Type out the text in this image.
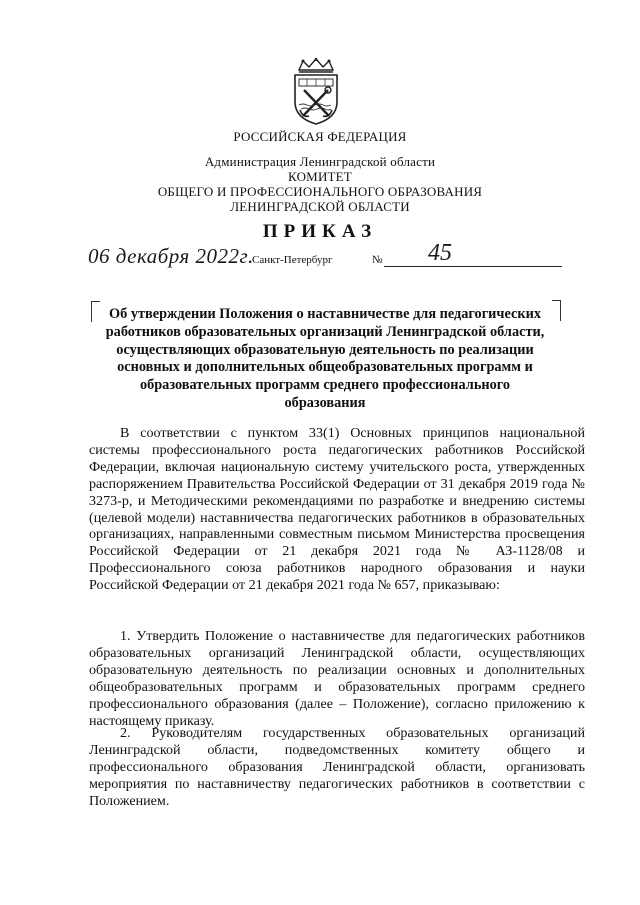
РОССИЙСКАЯ ФЕДЕРАЦИЯ
Администрация Ленинградской области
КОМИТЕТ
ОБЩЕГО И ПРОФЕССИОНАЛЬНОГО ОБРАЗОВАНИЯ
ЛЕНИНГРАДСКОЙ ОБЛАСТИ
ПРИКАЗ
06 декабря 2022г.
Санкт-Петербург	№ 45
Об утверждении Положения о наставничестве для педагогических работников образовательных организаций Ленинградской области, осуществляющих образовательную деятельность по реализации основных и дополнительных общеобразовательных программ и образовательных программ среднего профессионального образования

В соответствии с пунктом 33(1) Основных принципов национальной системы профессионального роста педагогических работников Российской Федерации, включая национальную систему учительского роста, утвержденных распоряжением Правительства Российской Федерации от 31 декабря 2019 года № 3273-р, и Методическими рекомендациями по разработке и внедрению системы (целевой модели) наставничества педагогических работников в образовательных организациях, направленными совместным письмом Министерства просвещения Российской Федерации от 21 декабря 2021 года № АЗ-1128/08 и Профессионального союза работников народного образования и науки Российской Федерации от 21 декабря 2021 года № 657, приказываю:

1. Утвердить Положение о наставничестве для педагогических работников образовательных организаций Ленинградской области, осуществляющих образовательную деятельность по реализации основных и дополнительных общеобразовательных программ и образовательных программ среднего профессионального образования (далее – Положение), согласно приложению к настоящему приказу.

2. Руководителям государственных образовательных организаций Ленинградской области, подведомственных комитету общего и профессионального образования Ленинградской области, организовать мероприятия по наставничеству педагогических работников в соответствии с Положением.
